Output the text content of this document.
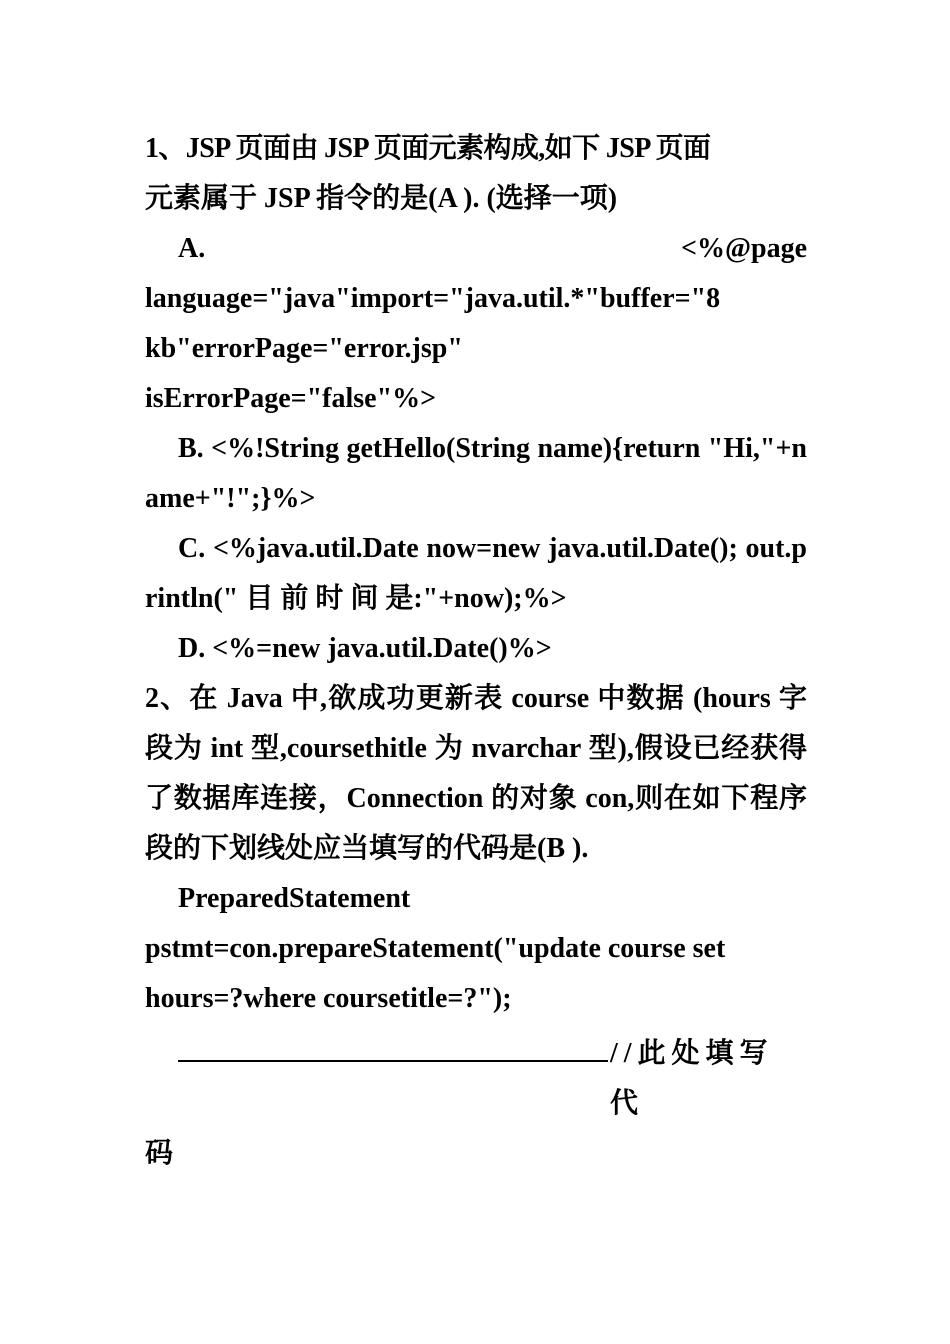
1、JSP 页面由 JSP 页面元素构成,如下 JSP 页面
元素属于 JSP 指令的是(A ). (选择一项)
A.	<%@page
language="java"import="java.util.*"buffer="8
kb"errorPage="error.jsp"
isErrorPage="false"%>
B. <%!String getHello(String name){return "Hi,"+name+"!";}%>
C. <%java.util.Date now=new java.util.Date(); out.println(" 目 前 时 间 是:"+now);%>
D. <%=new java.util.Date()%>
2、在 Java 中,欲成功更新表 course 中数据 (hours 字段为 int 型,coursethitle 为 nvarchar 型),假设已经获得了数据库连接，Connection 的对象 con,则在如下程序段的下划线处应当填写的代码是(B ).
PreparedStatement
pstmt=con.prepareStatement("update course set
hours=?where coursetitle=?");
//此处填写代
码
